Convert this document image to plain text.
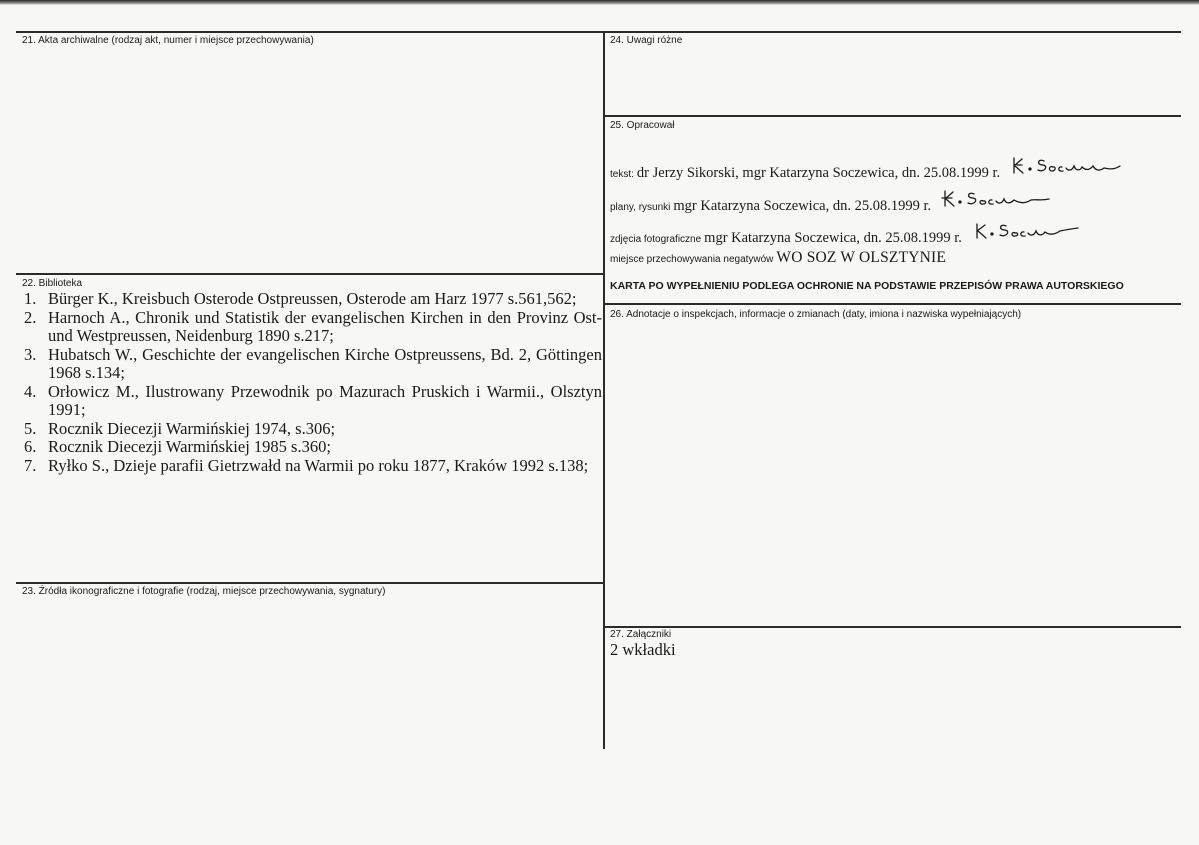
21. Akta archiwalne (rodzaj akt, numer i miejsce przechowywania)
22. Biblioteka
23. Źródła ikonograficzne i fotografie (rodzaj, miejsce przechowywania, sygnatury)
24. Uwagi różne
25. Opracował
26. Adnotacje o inspekcjach, informacje o zmianach (daty, imiona i nazwiska wypełniających)
27. Załączniki
1. Bürger K., Kreisbuch Osterode Ostpreussen, Osterode am Harz 1977 s.561,562;
2. Harnoch A., Chronik und Statistik der evangelischen Kirchen in den Provinz Ost- und Westpreussen, Neidenburg 1890 s.217;
3. Hubatsch W., Geschichte der evangelischen Kirche Ostpreussens, Bd. 2, Göttingen 1968 s.134;
4. Orłowicz M., Ilustrowany Przewodnik po Mazurach Pruskich i Warmii., Olsztyn 1991;
5. Rocznik Diecezji Warmińskiej 1974, s.306;
6. Rocznik Diecezji Warmińskiej 1985 s.360;
7. Ryłko S., Dzieje parafii Gietrzwałd na Warmii po roku 1877, Kraków 1992 s.138;
tekst: dr Jerzy Sikorski, mgr Katarzyna Soczewica, dn. 25.08.1999 r.
plany, rysunki mgr Katarzyna Soczewica, dn. 25.08.1999 r.
zdjęcia fotograficzne mgr Katarzyna Soczewica, dn. 25.08.1999 r.
miejsce przechowywania negatywów WO SOZ W OLSZTYNIE
KARTA PO WYPEŁNIENIU PODLEGA OCHRONIE NA PODSTAWIE PRZEPISÓW PRAWA AUTORSKIEGO
2 wkładki
